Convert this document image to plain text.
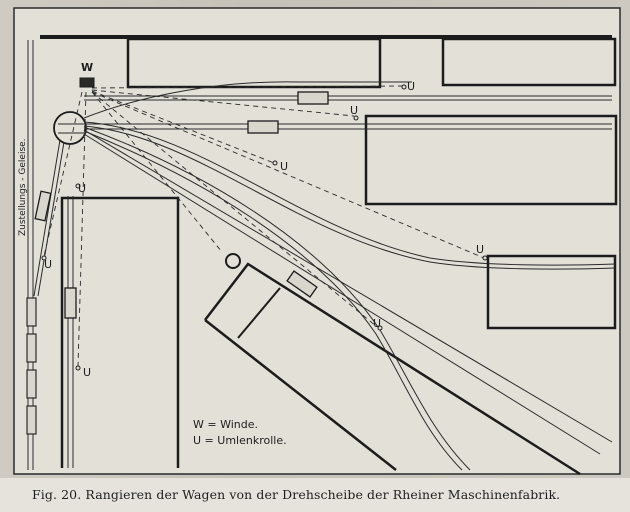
W
U
U
U
U
U
U
U
U
Zustellungs - Geleise.
W = Winde.
U = Umlenkrolle.
Fig. 20. Rangieren der Wagen von der Drehscheibe der Rheiner Maschinenfabrik.
